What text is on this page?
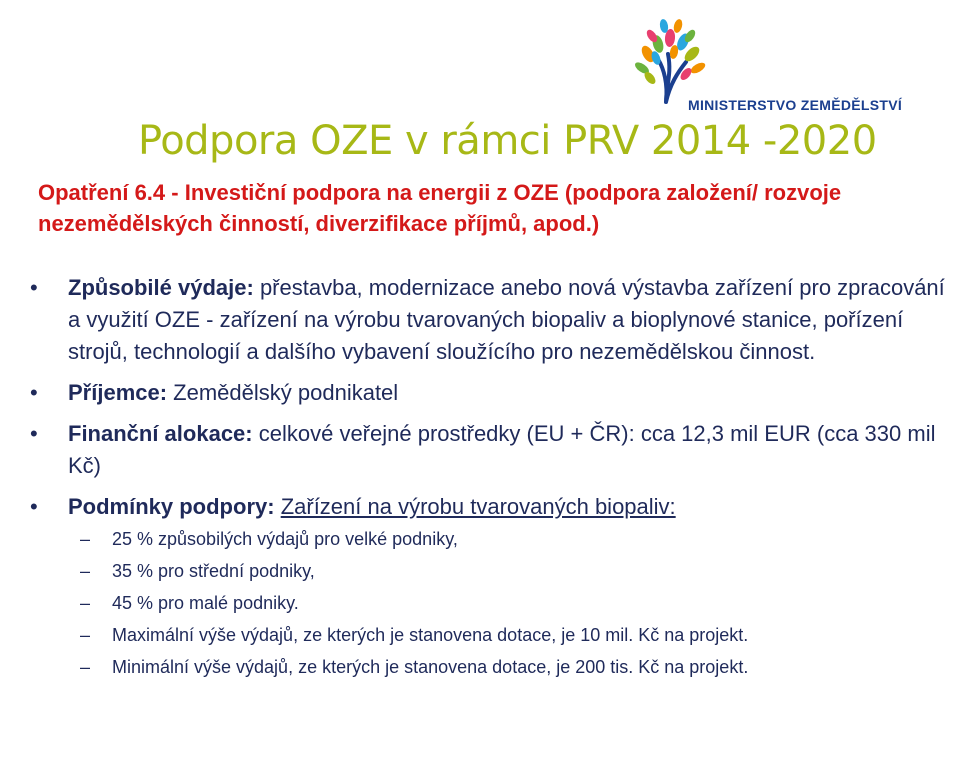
MINISTERSTVO ZEMĚDĚLSTVÍ
Podpora OZE v rámci PRV 2014 -2020
Opatření 6.4 - Investiční podpora na energii z OZE (podpora založení/ rozvoje nezemědělských činností, diverzifikace příjmů, apod.)
• Způsobilé výdaje: přestavba, modernizace anebo nová výstavba zařízení pro zpracování a využití OZE - zařízení na výrobu tvarovaných biopaliv a bioplynové stanice, pořízení strojů, technologií a dalšího vybavení sloužícího pro nezemědělskou činnost.
• Příjemce: Zemědělský podnikatel
• Finanční alokace: celkové veřejné prostředky (EU + ČR): cca 12,3 mil EUR (cca 330 mil Kč)
• Podmínky podpory: Zařízení na výrobu tvarovaných biopaliv:
– 25 % způsobilých výdajů pro velké podniky,
– 35 % pro střední podniky,
– 45 % pro malé podniky.
– Maximální výše výdajů, ze kterých je stanovena dotace, je 10 mil. Kč na projekt.
– Minimální výše výdajů, ze kterých je stanovena dotace, je 200 tis. Kč na projekt.
